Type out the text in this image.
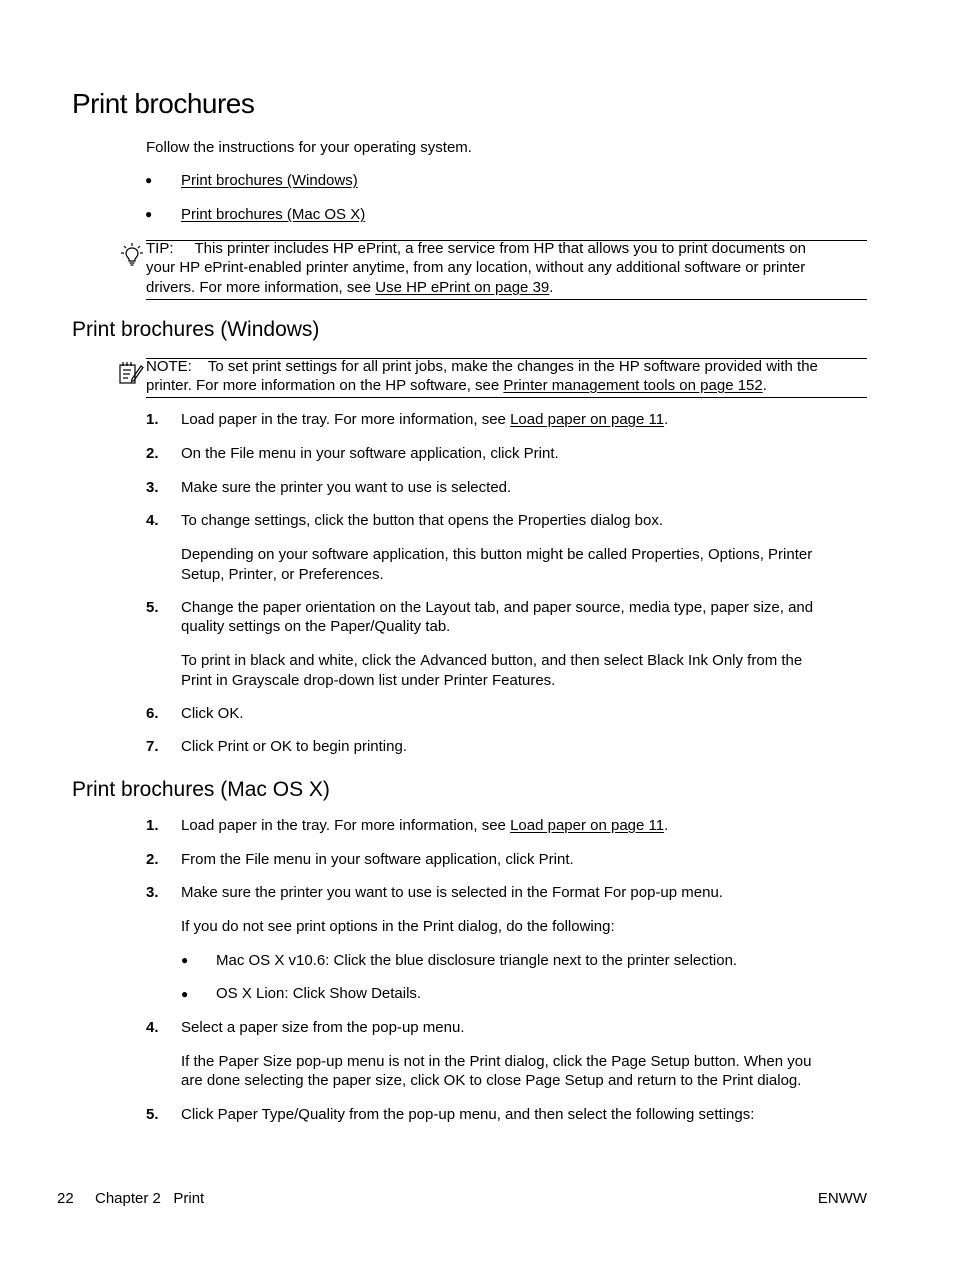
Print brochures
Follow the instructions for your operating system.
● Print brochures (Windows)
● Print brochures (Mac OS X)
TIP: This printer includes HP ePrint, a free service from HP that allows you to print documents on
your HP ePrint-enabled printer anytime, from any location, without any additional software or printer
drivers. For more information, see Use HP ePrint on page 39.
Print brochures (Windows)
NOTE: To set print settings for all print jobs, make the changes in the HP software provided with the
printer. For more information on the HP software, see Printer management tools on page 152.
1. Load paper in the tray. For more information, see Load paper on page 11.
2. On the File menu in your software application, click Print.
3. Make sure the printer you want to use is selected.
4. To change settings, click the button that opens the Properties dialog box.
Depending on your software application, this button might be called Properties, Options, Printer
Setup, Printer, or Preferences.
5. Change the paper orientation on the Layout tab, and paper source, media type, paper size, and
quality settings on the Paper/Quality tab.
To print in black and white, click the Advanced button, and then select Black Ink Only from the
Print in Grayscale drop-down list under Printer Features.
6. Click OK.
7. Click Print or OK to begin printing.
Print brochures (Mac OS X)
1. Load paper in the tray. For more information, see Load paper on page 11.
2. From the File menu in your software application, click Print.
3. Make sure the printer you want to use is selected in the Format For pop-up menu.
If you do not see print options in the Print dialog, do the following:
● Mac OS X v10.6: Click the blue disclosure triangle next to the printer selection.
● OS X Lion: Click Show Details.
4. Select a paper size from the pop-up menu.
If the Paper Size pop-up menu is not in the Print dialog, click the Page Setup button. When you
are done selecting the paper size, click OK to close Page Setup and return to the Print dialog.
5. Click Paper Type/Quality from the pop-up menu, and then select the following settings:
22 Chapter 2   Print	ENWW
